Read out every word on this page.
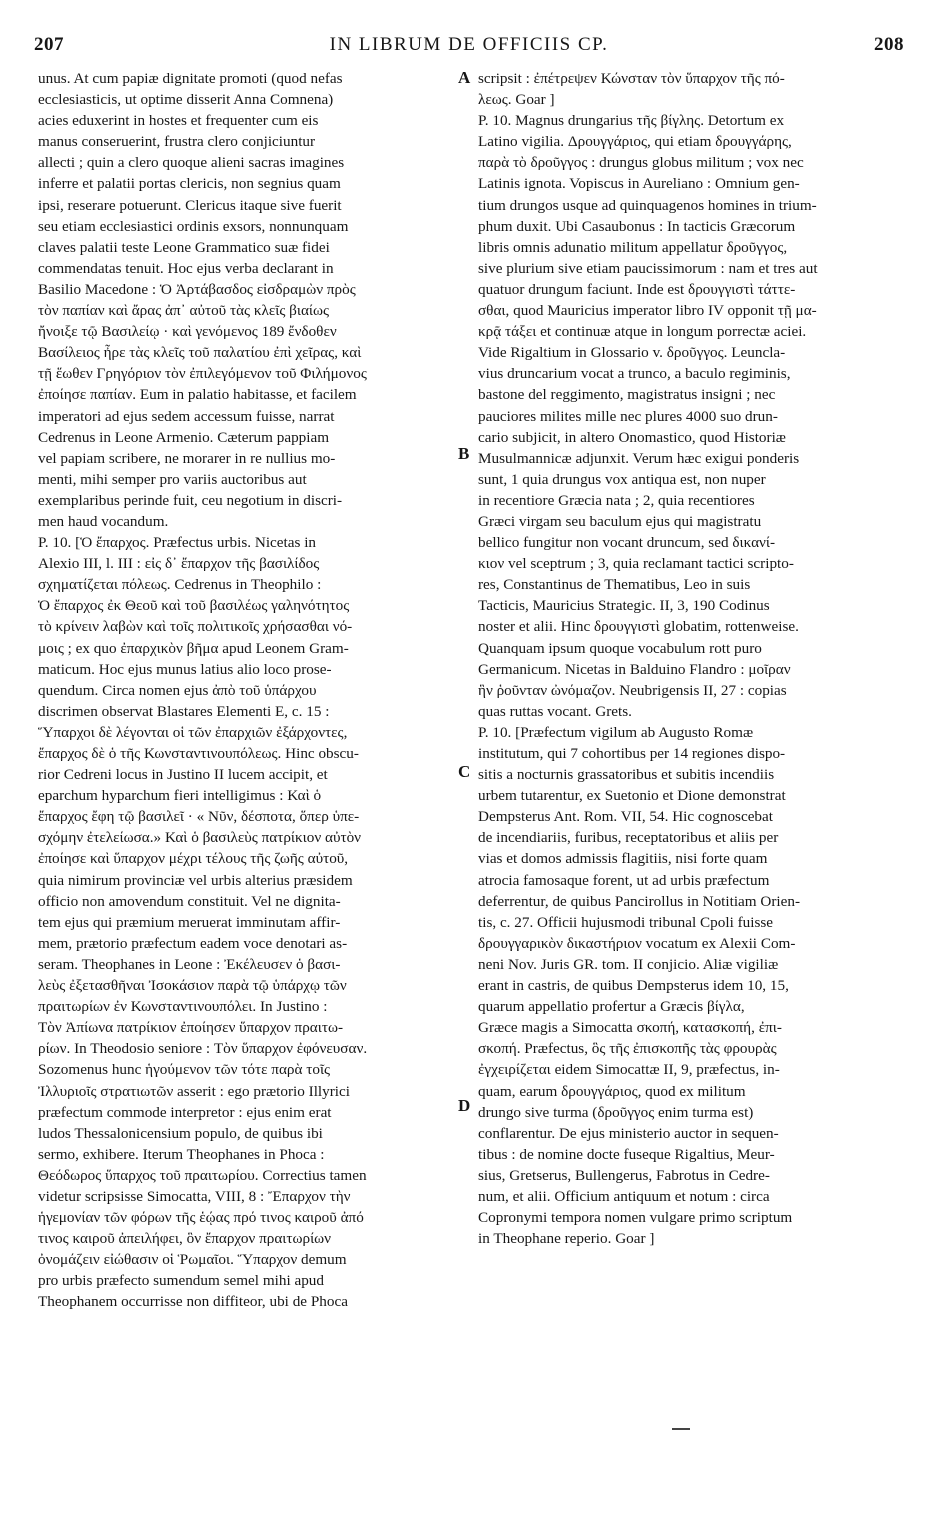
207	IN LIBRUM DE OFFICIIS CP.	208
unus. At cum papiæ dignitate promoti (quod nefas
ecclesiasticis, ut optime disserit Anna Comnena)
acies eduxerint in hostes et frequenter cum eis
manus conseruerint, frustra clero conjiciuntur
allecti ; quin a clero quoque alieni sacras imagines
inferre et palatii portas clericis, non segnius quam
ipsi, reserare potuerunt. Clericus itaque sive fuerit
seu etiam ecclesiastici ordinis exsors, nonnunquam
claves palatii teste Leone Grammatico suæ fidei
commendatas tenuit. Hoc ejus verba declarant in
Basilio Macedone : Ὁ Ἀρτάβασδος εἰσδραμὼν πρὸς
τὸν παπίαν καὶ ἄρας ἀπ᾽ αὐτοῦ τὰς κλεῖς βιαίως
ἤνοιξε τῷ Βασιλείῳ · καὶ γενόμενος 189 ἔνδοθεν
Βασίλειος ἦρε τὰς κλεῖς τοῦ παλατίου ἐπὶ χεῖρας, καὶ
τῇ ἕωθεν Γρηγόριον τὸν ἐπιλεγόμενον τοῦ Φιλήμονος
ἐποίησε παπίαν. Eum in palatio habitasse, et facilem
imperatori ad ejus sedem accessum fuisse, narrat
Cedrenus in Leone Armenio. Cæterum pappiam
vel papiam scribere, ne morarer in re nullius mo-
menti, mihi semper pro variis auctoribus aut
exemplaribus perinde fuit, ceu negotium in discri-
men haud vocandum.
P. 10. [Ὁ ἔπαρχος. Præfectus urbis. Nicetas in
Alexio III, l. III : εἰς δ᾽ ἔπαρχον τῆς βασιλίδος
σχηματίζεται πόλεως. Cedrenus in Theophilo :
Ὁ ἔπαρχος ἐκ Θεοῦ καὶ τοῦ βασιλέως γαληνότητος
τὸ κρίνειν λαβὼν καὶ τοῖς πολιτικοῖς χρήσασθαι νό-
μοις ; ex quo ἐπαρχικὸν βῆμα apud Leonem Gram-
maticum. Hoc ejus munus latius alio loco prose-
quendum. Circa nomen ejus ἀπὸ τοῦ ὑπάρχου
discrimen observat Blastares Elementi E, c. 15 :
Ὕπαρχοι δὲ λέγονται οἱ τῶν ἐπαρχιῶν ἐξάρχοντες,
ἔπαρχος δὲ ὁ τῆς Κωνσταντινουπόλεως. Hinc obscu-
rior Cedreni locus in Justino II lucem accipit, et
eparchum hyparchum fieri intelligimus : Καὶ ὁ
ἔπαρχος ἔφη τῷ βασιλεῖ · « Νῦν, δέσποτα, ὅπερ ὑπε-
σχόμην ἐτελείωσα.» Καὶ ὁ βασιλεὺς πατρίκιον αὐτὸν
ἐποίησε καὶ ὕπαρχον μέχρι τέλους τῆς ζωῆς αὐτοῦ,
quia nimirum provinciæ vel urbis alterius præsidem
officio non amovendum constituit. Vel ne dignita-
tem ejus qui præmium meruerat imminutam affir-
mem, prætorio præfectum eadem voce denotari as-
seram. Theophanes in Leone : Ἐκέλευσεν ὁ βασι-
λεὺς ἐξετασθῆναι Ἰσοκάσιον παρὰ τῷ ὑπάρχῳ τῶν
πραιτωρίων ἐν Κωνσταντινουπόλει. In Justino :
Τὸν Ἀπίωνα πατρίκιον ἐποίησεν ὕπαρχον πραιτω-
ρίων. In Theodosio seniore : Τὸν ὕπαρχον ἐφόνευσαν.
Sozomenus hunc ἡγούμενον τῶν τότε παρὰ τοῖς
Ἰλλυριοῖς στρατιωτῶν asserit : ego prætorio Illyrici
præfectum commode interpretor : ejus enim erat
ludos Thessalonicensium populo, de quibus ibi
sermo, exhibere. Iterum Theophanes in Phoca :
Θεόδωρος ὕπαρχος τοῦ πραιτωρίου. Correctius tamen
videtur scripsisse Simocatta, VIII, 8 : Ἔπαρχον τὴν
ἡγεμονίαν τῶν φόρων τῆς ἑῴας πρό τινος καιροῦ ἀπό
τινος καιροῦ ἀπειλήφει, ὃν ἔπαρχον πραιτωρίων
ὀνομάζειν εἰώθασιν οἱ Ῥωμαῖοι. Ὕπαρχον demum
pro urbis præfecto sumendum semel mihi apud
Theophanem occurrisse non diffiteor, ubi de Phoca
scripsit : ἐπέτρεψεν Κώνσταν τὸν ὕπαρχον τῆς πό-
λεως. Goar ]
P. 10. Magnus drungarius τῆς βίγλης. Detortum ex
Latino vigilia. Δρουγγάριος, qui etiam δρουγγάρης,
παρὰ τὸ δροῦγγος : drungus globus militum ; vox nec
Latinis ignota. Vopiscus in Aureliano : Omnium gen-
tium drungos usque ad quinquagenos homines in trium-
phum duxit. Ubi Casaubonus : In tacticis Græcorum
libris omnis adunatio militum appellatur δροῦγγος,
sive plurium sive etiam paucissimorum : nam et tres aut
quatuor drungum faciunt. Inde est δρουγγιστὶ τάττε-
σθαι, quod Mauricius imperator libro IV opponit τῇ μα-
κρᾷ τάξει et continuæ atque in longum porrectæ aciei.
Vide Rigaltium in Glossario v. δροῦγγος. Leuncla-
vius druncarium vocat a trunco, a baculo regiminis,
bastone del reggimento, magistratus insigni ; nec
pauciores milites mille nec plures 4000 suo drun-
cario subjicit, in altero Onomastico, quod Historiæ
Musulmannicæ adjunxit. Verum hæc exigui ponderis
sunt, 1 quia drungus vox antiqua est, non nuper
in recentiore Græcia nata ; 2, quia recentiores
Græci virgam seu baculum ejus qui magistratu
bellico fungitur non vocant druncum, sed δικανί-
κιον vel sceptrum ; 3, quia reclamant tactici scripto-
res, Constantinus de Thematibus, Leo in suis
Tacticis, Mauricius Strategic. II, 3, 190 Codinus
noster et alii. Hinc δρουγγιστὶ globatim, rottenweise.
Quanquam ipsum quoque vocabulum rott puro
Germanicum. Nicetas in Balduino Flandro : μοῖραν
ἣν ῥοῦνταν ὠνόμαζον. Neubrigensis II, 27 : copias
quas ruttas vocant. Grets.
P. 10. [Præfectum vigilum ab Augusto Romæ
institutum, qui 7 cohortibus per 14 regiones dispo-
sitis a nocturnis grassatoribus et subitis incendiis
urbem tutarentur, ex Suetonio et Dione demonstrat
Dempsterus Ant. Rom. VII, 54. Hic cognoscebat
de incendiariis, furibus, receptatoribus et aliis per
vias et domos admissis flagitiis, nisi forte quam
atrocia famosaque forent, ut ad urbis præfectum
deferrentur, de quibus Pancirollus in Notitiam Orien-
tis, c. 27. Officii hujusmodi tribunal Cpoli fuisse
δρουγγαρικὸν δικαστήριον vocatum ex Alexii Com-
neni Nov. Juris GR. tom. II conjicio. Aliæ vigiliæ
erant in castris, de quibus Dempsterus idem 10, 15,
quarum appellatio profertur a Græcis βίγλα,
Græce magis a Simocatta σκοπή, κατασκοπή, ἐπι-
σκοπή. Præfectus, ὃς τῆς ἐπισκοπῆς τὰς φρουρὰς
ἐγχειρίζεται eidem Simocattæ II, 9, præfectus, in-
quam, earum δρουγγάριος, quod ex militum
drungo sive turma (δροῦγγος enim turma est)
conflarentur. De ejus ministerio auctor in sequen-
tibus : de nomine docte fuseque Rigaltius, Meur-
sius, Gretserus, Bullengerus, Fabrotus in Cedre-
num, et alii. Officium antiquum et notum : circa
Copronymi tempora nomen vulgare primo scriptum
in Theophane reperio. Goar ]
A
B
C
D
